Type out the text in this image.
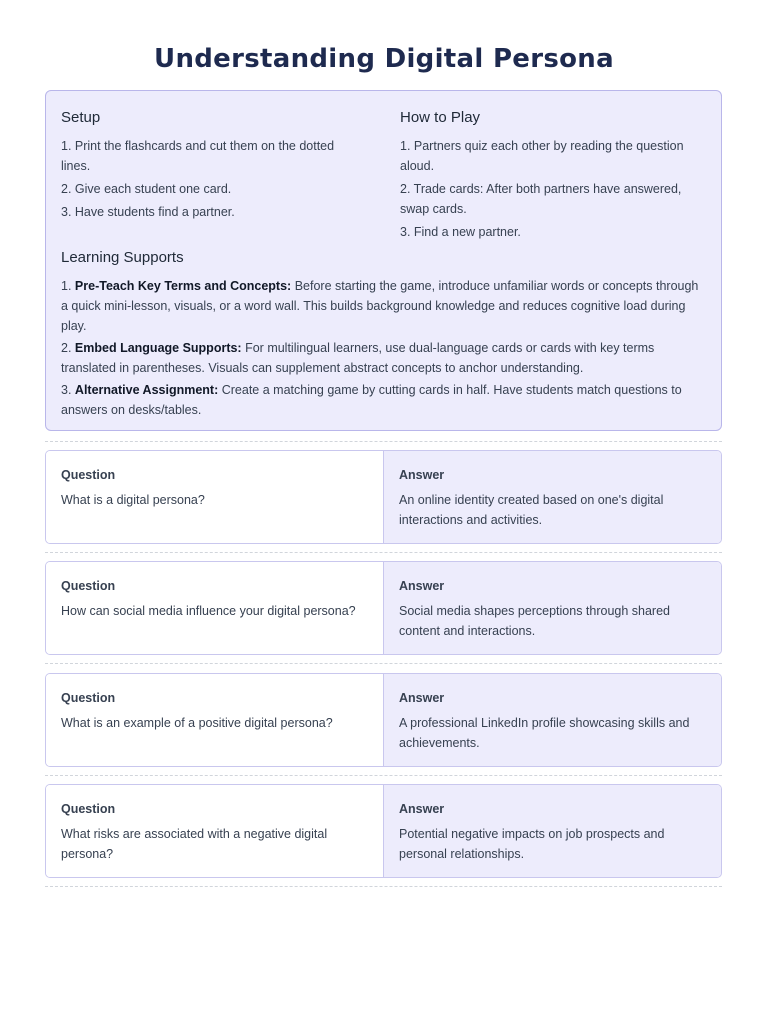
Understanding Digital Persona
Setup
1. Print the flashcards and cut them on the dotted lines.
2. Give each student one card.
3. Have students find a partner.
How to Play
1. Partners quiz each other by reading the question aloud.
2. Trade cards: After both partners have answered, swap cards.
3. Find a new partner.
Learning Supports
1. Pre-Teach Key Terms and Concepts: Before starting the game, introduce unfamiliar words or concepts through a quick mini-lesson, visuals, or a word wall. This builds background knowledge and reduces cognitive load during play.
2. Embed Language Supports: For multilingual learners, use dual-language cards or cards with key terms translated in parentheses. Visuals can supplement abstract concepts to anchor understanding.
3. Alternative Assignment: Create a matching game by cutting cards in half. Have students match questions to answers on desks/tables.
Question
What is a digital persona?
Answer
An online identity created based on one's digital interactions and activities.
Question
How can social media influence your digital persona?
Answer
Social media shapes perceptions through shared content and interactions.
Question
What is an example of a positive digital persona?
Answer
A professional LinkedIn profile showcasing skills and achievements.
Question
What risks are associated with a negative digital persona?
Answer
Potential negative impacts on job prospects and personal relationships.
